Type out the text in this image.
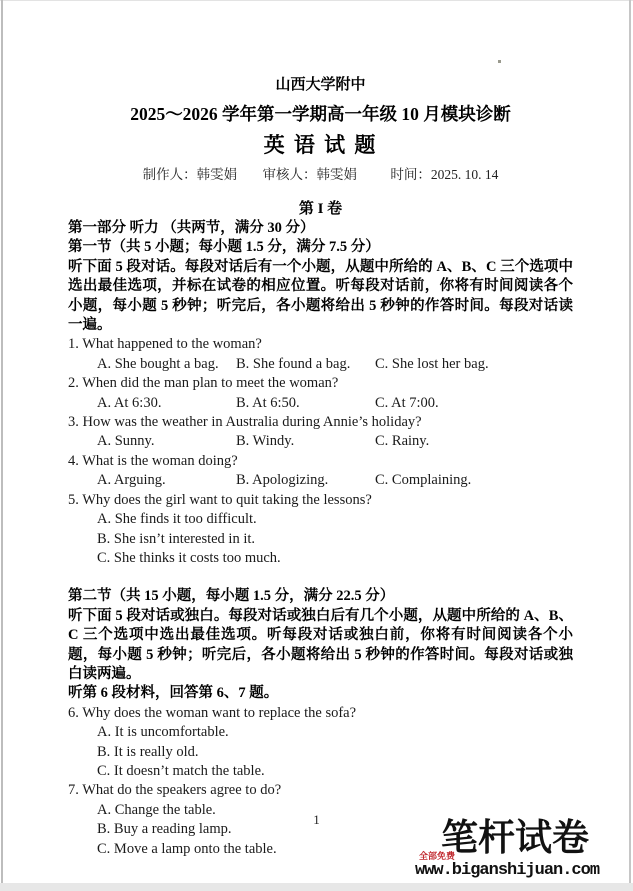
山西大学附中
2025～2026 学年第一学期高一年级 10 月模块诊断
英 语 试 题
制作人：韩雯娟 审核人：韩雯娟 时间：2025. 10. 14
第 I 卷
第一部分 听力 （共两节，满分 30 分）
第一节（共 5 小题；每小题 1.5 分，满分 7.5 分）
听下面 5 段对话。每段对话后有一个小题，从题中所给的 A、B、C 三个选项中选出最佳选项，并标在试卷的相应位置。听每段对话前，你将有时间阅读各个小题，每小题 5 秒钟；听完后，各小题将给出 5 秒钟的作答时间。每段对话读一遍。
1. What happened to the woman?
A. She bought a bag. B. She found a bag. C. She lost her bag.
2. When did the man plan to meet the woman?
A. At 6:30.	B. At 6:50.	C. At 7:00.
3. How was the weather in Australia during Annie’s holiday?
A. Sunny.	B. Windy.	C. Rainy.
4. What is the woman doing?
A. Arguing.	B. Apologizing.	C. Complaining.
5. Why does the girl want to quit taking the lessons?
A. She finds it too difficult.
B. She isn’t interested in it.
C. She thinks it costs too much.
第二节（共 15 小题，每小题 1.5 分，满分 22.5 分）
听下面 5 段对话或独白。每段对话或独白后有几个小题，从题中所给的 A、B、C 三个选项中选出最佳选项。听每段对话或独白前，你将有时间阅读各个小题，每小题 5 秒钟；听完后，各小题将给出 5 秒钟的作答时间。每段对话或独白读两遍。
听第 6 段材料，回答第 6、7 题。
6. Why does the woman want to replace the sofa?
A. It is uncomfortable.
B. It is really old.
C. It doesn’t match the table.
7. What do the speakers agree to do?
A. Change the table.
B. Buy a reading lamp.
C. Move a lamp onto the table.
1	笔杆试卷
全部免费
www.biganshijuan.com
